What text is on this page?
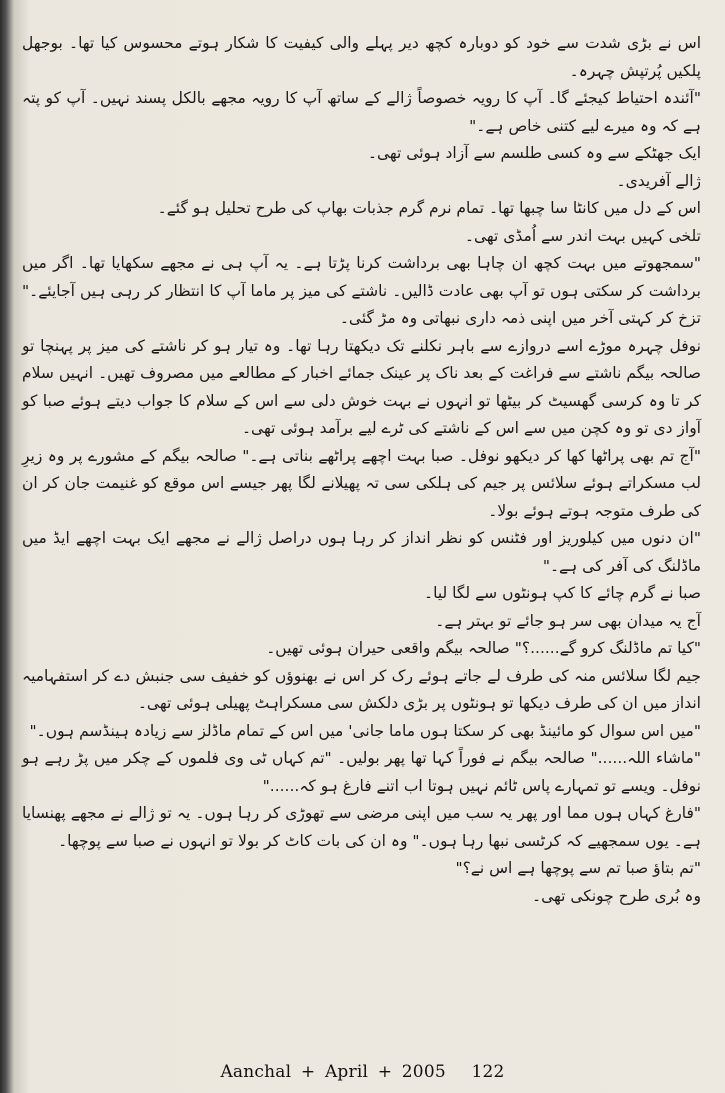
اس نے بڑی شدت سے خود کو دوبارہ کچھ دیر پہلے والی کیفیت کا شکار ہوتے محسوس کیا تھا۔ بوجھل پلکیں پُرتپش چہرہ۔

"آئندہ احتیاط کیجئے گا۔ آپ کا رویہ خصوصاً ژالے کے ساتھ آپ کا رویہ مجھے بالکل پسند نہیں۔ آپ کو پتہ ہے کہ وہ میرے لیے کتنی خاص ہے۔"

ایک جھٹکے سے وہ کسی طلسم سے آزاد ہوئی تھی۔

ژالے آفریدی۔

اس کے دل میں کانٹا سا چبھا تھا۔ تمام نرم گرم جذبات بھاپ کی طرح تحلیل ہو گئے۔

تلخی کہیں بہت اندر سے اُمڈی تھی۔

"سمجھوتے میں بہت کچھ ان چاہا بھی برداشت کرنا پڑتا ہے۔ یہ آپ ہی نے مجھے سکھایا تھا۔ اگر میں برداشت کر سکتی ہوں تو آپ بھی عادت ڈالیں۔ ناشتے کی میز پر ماما آپ کا انتظار کر رہی ہیں آجایئے۔" تزخ کر کہتی آخر میں اپنی ذمہ داری نبھاتی وہ مڑ گئی۔

نوفل چہرہ موڑے اسے دروازے سے باہر نکلنے تک دیکھتا رہا تھا۔ وہ تیار ہو کر ناشتے کی میز پر پہنچا تو صالحہ بیگم ناشتے سے فراغت کے بعد ناک پر عینک جمائے اخبار کے مطالعے میں مصروف تھیں۔ انہیں سلام کر تا وہ کرسی گھسیٹ کر بیٹھا تو انہوں نے بہت خوش دلی سے اس کے سلام کا جواب دیتے ہوئے صبا کو آواز دی تو وہ کچن میں سے اس کے ناشتے کی ٹرے لیے برآمد ہوئی تھی۔

"آج تم بھی پراٹھا کھا کر دیکھو نوفل۔ صبا بہت اچھے پراٹھے بناتی ہے۔" صالحہ بیگم کے مشورے پر وہ زیرِ لب مسکراتے ہوئے سلائس پر جیم کی ہلکی سی تہ پھیلانے لگا پھر جیسے اس موقع کو غنیمت جان کر ان کی طرف متوجہ ہوتے ہوئے بولا۔

"ان دنوں میں کیلوریز اور فٹنس کو نظر انداز کر رہا ہوں دراصل ژالے نے مجھے ایک بہت اچھے ایڈ میں ماڈلنگ کی آفر کی ہے۔"

صبا نے گرم چائے کا کپ ہونٹوں سے لگا لیا۔

آج یہ میدان بھی سر ہو جائے تو بہتر ہے۔

"کیا تم ماڈلنگ کرو گے......؟" صالحہ بیگم واقعی حیران ہوئی تھیں۔

جیم لگا سلائس منہ کی طرف لے جاتے ہوئے رک کر اس نے بھنوؤں کو خفیف سی جنبش دے کر استفہامیہ انداز میں ان کی طرف دیکھا تو ہونٹوں پر بڑی دلکش سی مسکراہٹ پھیلی ہوئی تھی۔

"میں اس سوال کو مائینڈ بھی کر سکتا ہوں ماما جانی' میں اس کے تمام ماڈلز سے زیادہ ہینڈسم ہوں۔"

"ماشاء اللہ......" صالحہ بیگم نے فوراً کہا تھا پھر بولیں۔ "تم کہاں ٹی وی فلموں کے چکر میں پڑ رہے ہو نوفل۔ ویسے تو تمہارے پاس ٹائم نہیں ہوتا اب اتنے فارغ ہو کہ......"

"فارغ کہاں ہوں مما اور پھر یہ سب میں اپنی مرضی سے تھوڑی کر رہا ہوں۔ یہ تو ژالے نے مجھے پھنسایا ہے۔ یوں سمجھیے کہ کرٹسی نبھا رہا ہوں۔" وہ ان کی بات کاٹ کر بولا تو انہوں نے صبا سے پوچھا۔

"تم بتاؤ صبا تم سے پوچھا ہے اس نے؟"

وہ بُری طرح چونکی تھی۔

Aanchal + April + 2005 122
